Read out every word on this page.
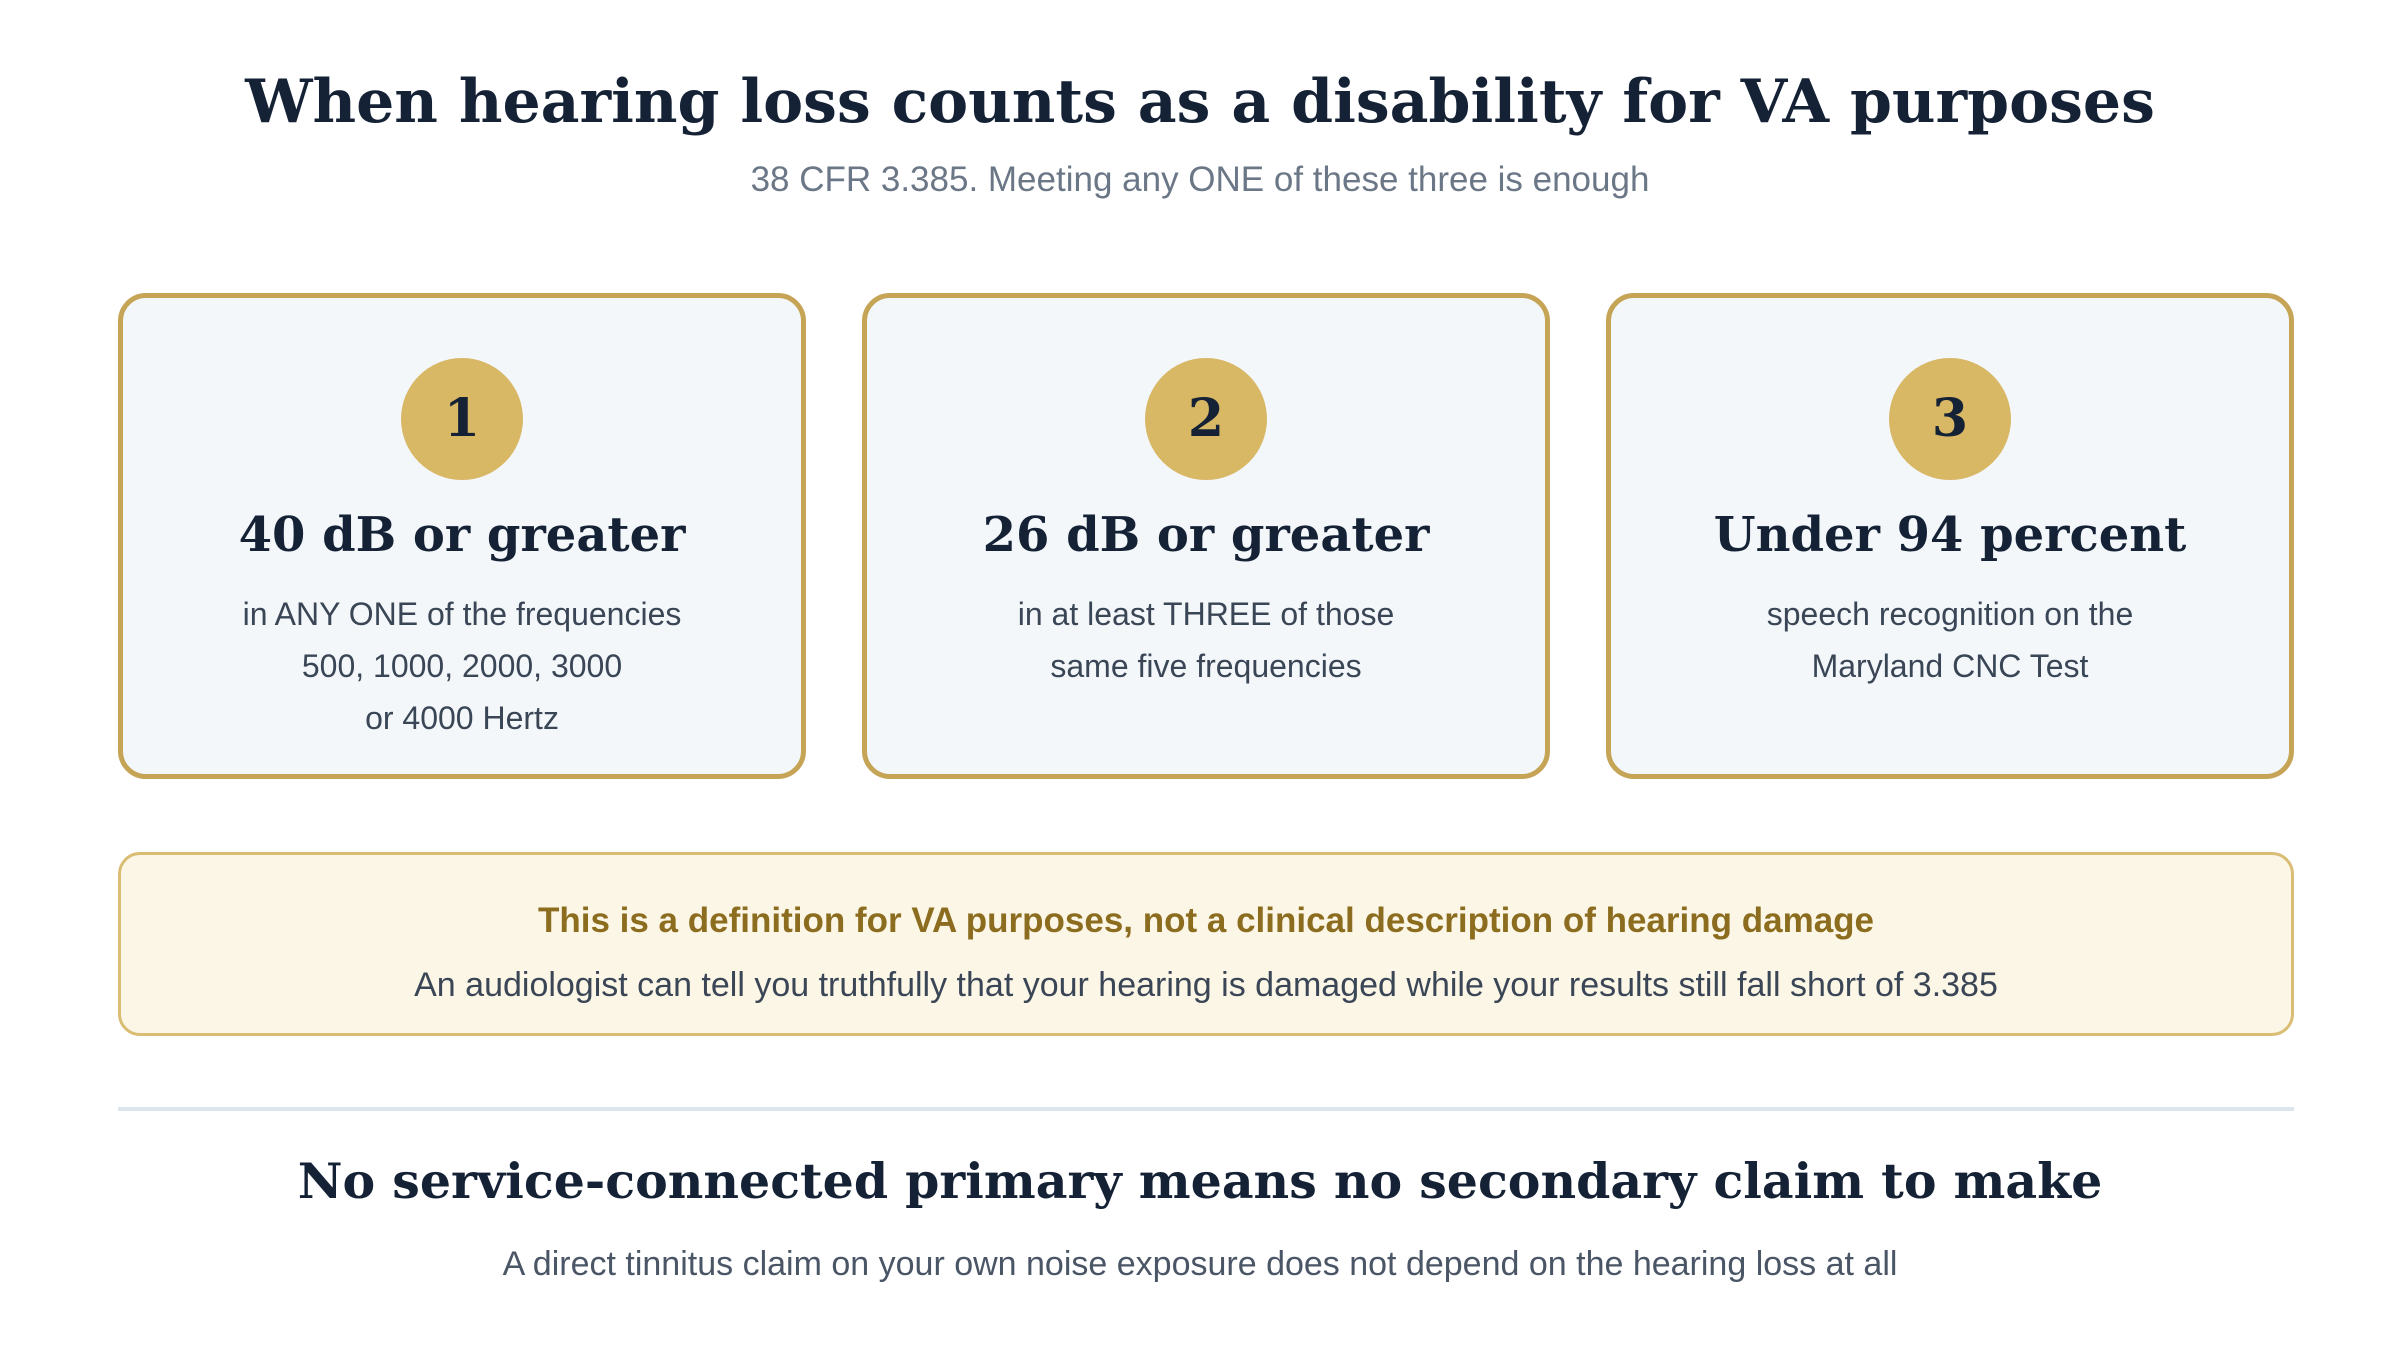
When hearing loss counts as a disability for VA purposes

38 CFR 3.385. Meeting any ONE of these three is enough

1
40 dB or greater
in ANY ONE of the frequencies
500, 1000, 2000, 3000
or 4000 Hertz
2
26 dB or greater
in at least THREE of those
same five frequencies
3
Under 94 percent
speech recognition on the
Maryland CNC Test
This is a definition for VA purposes, not a clinical description of hearing damage
An audiologist can tell you truthfully that your hearing is damaged while your results still fall short of 3.385
No service-connected primary means no secondary claim to make

A direct tinnitus claim on your own noise exposure does not depend on the hearing loss at all
